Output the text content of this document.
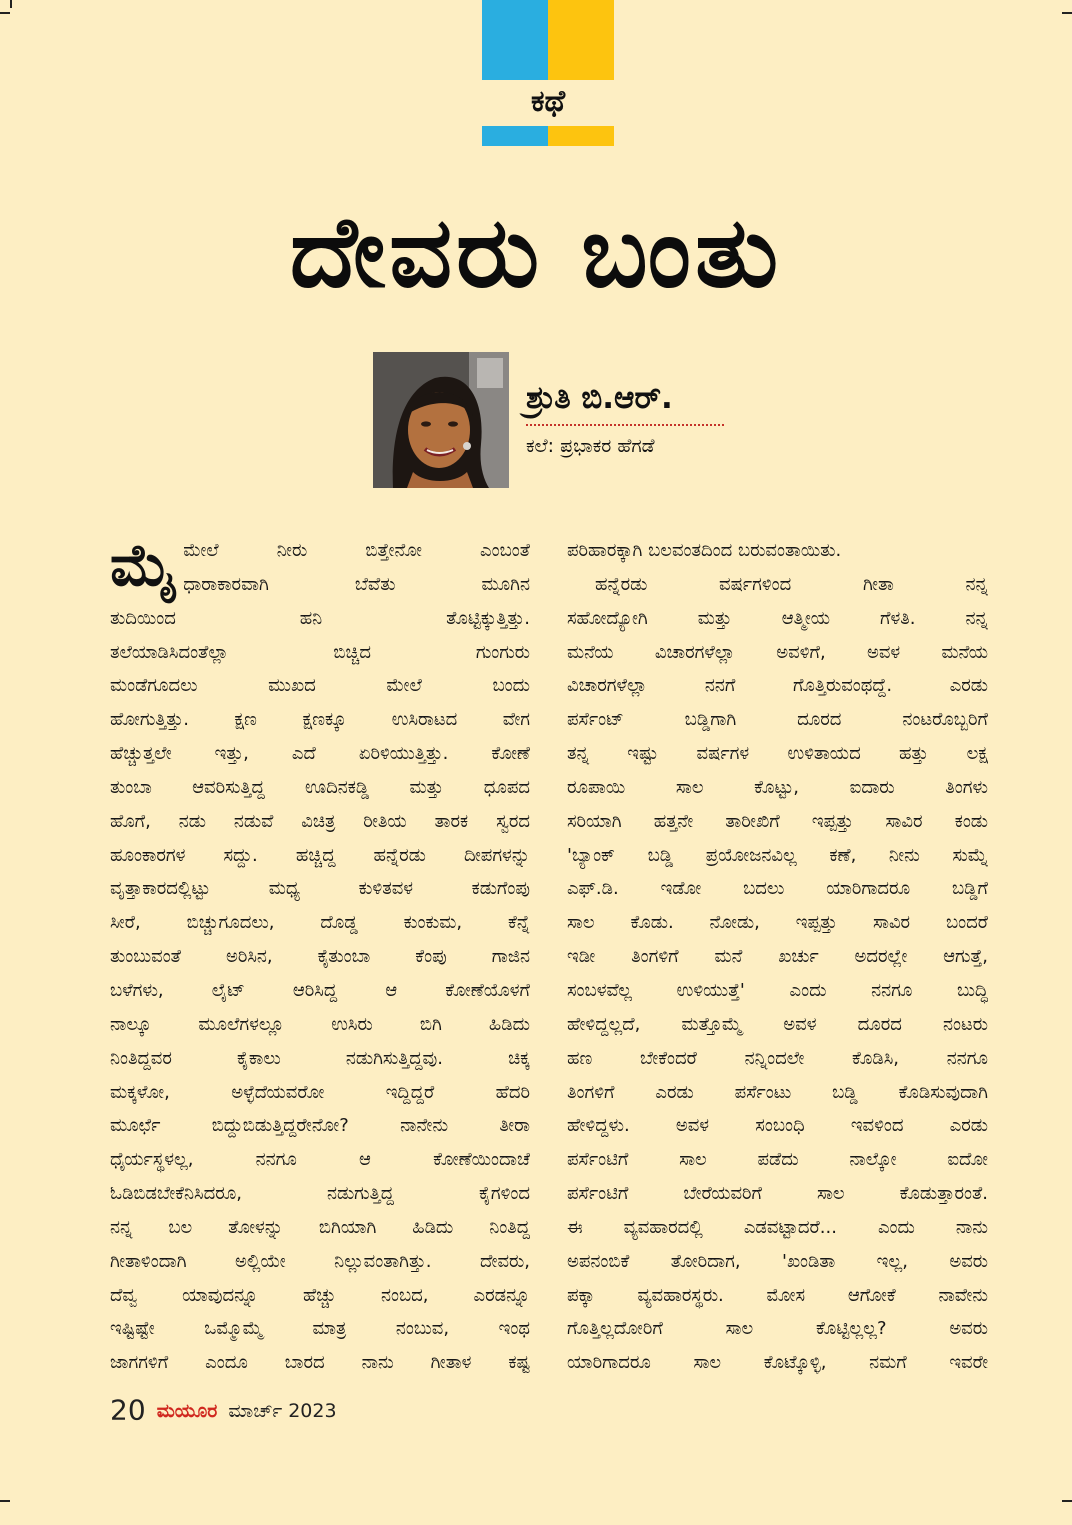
ಕಥೆ
ದೇವರು ಬಂತು
ಶ್ರುತಿ ಬಿ.ಆರ್.
ಕಲೆ: ಪ್ರಭಾಕರ ಹೆಗಡೆ
ಮೈ ಮೇಲೆ ನೀರು ಬಿತ್ತೇನೋ ಎಂಬಂತೆ
ಧಾರಾಕಾರವಾಗಿ ಬೆವೆತು ಮೂಗಿನ
ತುದಿಯಿಂದ ಹನಿ ತೊಟ್ಟಿಕ್ಕುತ್ತಿತ್ತು.
ತಲೆಯಾಡಿಸಿದಂತೆಲ್ಲಾ ಬಿಚ್ಚಿದ ಗುಂಗುರು
ಮಂಡೆಗೂದಲು ಮುಖದ ಮೇಲೆ ಬಂದು
ಹೋಗುತ್ತಿತ್ತು. ಕ್ಷಣ ಕ್ಷಣಕ್ಕೂ ಉಸಿರಾಟದ ವೇಗ
ಹೆಚ್ಚುತ್ತಲೇ ಇತ್ತು, ಎದೆ ಏರಿಳಿಯುತ್ತಿತ್ತು. ಕೋಣೆ
ತುಂಬಾ ಆವರಿಸುತ್ತಿದ್ದ ಊದಿನಕಡ್ಡಿ ಮತ್ತು ಧೂಪದ
ಹೊಗೆ, ನಡು ನಡುವೆ ವಿಚಿತ್ರ ರೀತಿಯ ತಾರಕ ಸ್ವರದ
ಹೂಂಕಾರಗಳ ಸದ್ದು. ಹಚ್ಚಿದ್ದ ಹನ್ನೆರಡು ದೀಪಗಳನ್ನು
ವೃತ್ತಾಕಾರದಲ್ಲಿಟ್ಟು ಮಧ್ಯ ಕುಳಿತವಳ ಕಡುಗೆಂಪು
ಸೀರೆ, ಬಿಚ್ಚುಗೂದಲು, ದೊಡ್ಡ ಕುಂಕುಮ, ಕೆನ್ನೆ
ತುಂಬುವಂತೆ ಅರಿಸಿನ, ಕೈತುಂಬಾ ಕೆಂಪು ಗಾಜಿನ
ಬಳೆಗಳು, ಲೈಟ್ ಆರಿಸಿದ್ದ ಆ ಕೋಣೆಯೊಳಗೆ
ನಾಲ್ಕೂ ಮೂಲೆಗಳಲ್ಲೂ ಉಸಿರು ಬಿಗಿ ಹಿಡಿದು
ನಿಂತಿದ್ದವರ ಕೈಕಾಲು ನಡುಗಿಸುತ್ತಿದ್ದವು. ಚಿಕ್ಕ
ಮಕ್ಕಳೋ, ಅಳ್ಳೆದೆಯವರೋ ಇದ್ದಿದ್ದರೆ ಹೆದರಿ
ಮೂರ್ಛೆ ಬಿದ್ದುಬಿಡುತ್ತಿದ್ದರೇನೋ? ನಾನೇನು ತೀರಾ
ಧೈರ್ಯಸ್ಥಳಲ್ಲ, ನನಗೂ ಆ ಕೋಣೆಯಿಂದಾಚೆ
ಓಡಿಬಿಡಬೇಕೆನಿಸಿದರೂ, ನಡುಗುತ್ತಿದ್ದ ಕೈಗಳಿಂದ
ನನ್ನ ಬಲ ತೋಳನ್ನು ಬಿಗಿಯಾಗಿ ಹಿಡಿದು ನಿಂತಿದ್ದ
ಗೀತಾಳಿಂದಾಗಿ ಅಲ್ಲಿಯೇ ನಿಲ್ಲುವಂತಾಗಿತ್ತು. ದೇವರು,
ದೆವ್ವ ಯಾವುದನ್ನೂ ಹೆಚ್ಚು ನಂಬದ, ಎರಡನ್ನೂ
ಇಷ್ಟಿಷ್ಟೇ ಒಮ್ಮೊಮ್ಮೆ ಮಾತ್ರ ನಂಬುವ, ಇಂಥ
ಜಾಗಗಳಿಗೆ ಎಂದೂ ಬಾರದ ನಾನು ಗೀತಾಳ ಕಷ್ಟ
ಪರಿಹಾರಕ್ಕಾಗಿ ಬಲವಂತದಿಂದ ಬರುವಂತಾಯಿತು.
ಹನ್ನೆರಡು ವರ್ಷಗಳಿಂದ ಗೀತಾ ನನ್ನ
ಸಹೋದ್ಯೋಗಿ ಮತ್ತು ಆತ್ಮೀಯ ಗೆಳತಿ. ನನ್ನ
ಮನೆಯ ವಿಚಾರಗಳೆಲ್ಲಾ ಅವಳಿಗೆ, ಅವಳ ಮನೆಯ
ವಿಚಾರಗಳೆಲ್ಲಾ ನನಗೆ ಗೊತ್ತಿರುವಂಥದ್ದೆ. ಎರಡು
ಪರ್ಸೆಂಟ್ ಬಡ್ಡಿಗಾಗಿ ದೂರದ ನಂಟರೊಬ್ಬರಿಗೆ
ತನ್ನ ಇಷ್ಟು ವರ್ಷಗಳ ಉಳಿತಾಯದ ಹತ್ತು ಲಕ್ಷ
ರೂಪಾಯಿ ಸಾಲ ಕೊಟ್ಟು, ಐದಾರು ತಿಂಗಳು
ಸರಿಯಾಗಿ ಹತ್ತನೇ ತಾರೀಖಿಗೆ ಇಪ್ಪತ್ತು ಸಾವಿರ ಕಂಡು
'ಬ್ಯಾಂಕ್ ಬಡ್ಡಿ ಪ್ರಯೋಜನವಿಲ್ಲ ಕಣೆ, ನೀನು ಸುಮ್ನೆ
ಎಫ್.ಡಿ. ಇಡೋ ಬದಲು ಯಾರಿಗಾದರೂ ಬಡ್ಡಿಗೆ
ಸಾಲ ಕೊಡು. ನೋಡು, ಇಪ್ಪತ್ತು ಸಾವಿರ ಬಂದರೆ
ಇಡೀ ತಿಂಗಳಿಗೆ ಮನೆ ಖರ್ಚು ಅದರಲ್ಲೇ ಆಗುತ್ತೆ,
ಸಂಬಳವೆಲ್ಲ ಉಳಿಯುತ್ತೆ' ಎಂದು ನನಗೂ ಬುದ್ಧಿ
ಹೇಳಿದ್ದಲ್ಲದೆ, ಮತ್ತೊಮ್ಮೆ ಅವಳ ದೂರದ ನಂಟರು
ಹಣ ಬೇಕೆಂದರೆ ನನ್ನಿಂದಲೇ ಕೊಡಿಸಿ, ನನಗೂ
ತಿಂಗಳಿಗೆ ಎರಡು ಪರ್ಸೆಂಟು ಬಡ್ಡಿ ಕೊಡಿಸುವುದಾಗಿ
ಹೇಳಿದ್ದಳು. ಅವಳ ಸಂಬಂಧಿ ಇವಳಿಂದ ಎರಡು
ಪರ್ಸೆಂಟಿಗೆ ಸಾಲ ಪಡೆದು ನಾಲ್ಕೋ ಐದೋ
ಪರ್ಸೆಂಟಿಗೆ ಬೇರೆಯವರಿಗೆ ಸಾಲ ಕೊಡುತ್ತಾರಂತೆ.
ಈ ವ್ಯವಹಾರದಲ್ಲಿ ಎಡವಟ್ಟಾದರೆ... ಎಂದು ನಾನು
ಅಪನಂಬಿಕೆ ತೋರಿದಾಗ, 'ಖಂಡಿತಾ ಇಲ್ಲ, ಅವರು
ಪಕ್ಕಾ ವ್ಯವಹಾರಸ್ಥರು. ಮೋಸ ಆಗೋಕೆ ನಾವೇನು
ಗೊತ್ತಿಲ್ಲದೋರಿಗೆ ಸಾಲ ಕೊಟ್ಟಿಲ್ಲಲ್ಲ? ಅವರು
ಯಾರಿಗಾದರೂ ಸಾಲ ಕೊಟ್ಕೊಳ್ಳಿ, ನಮಗೆ ಇವರೇ
20 ಮಯೂರ ಮಾರ್ಚ್ 2023
